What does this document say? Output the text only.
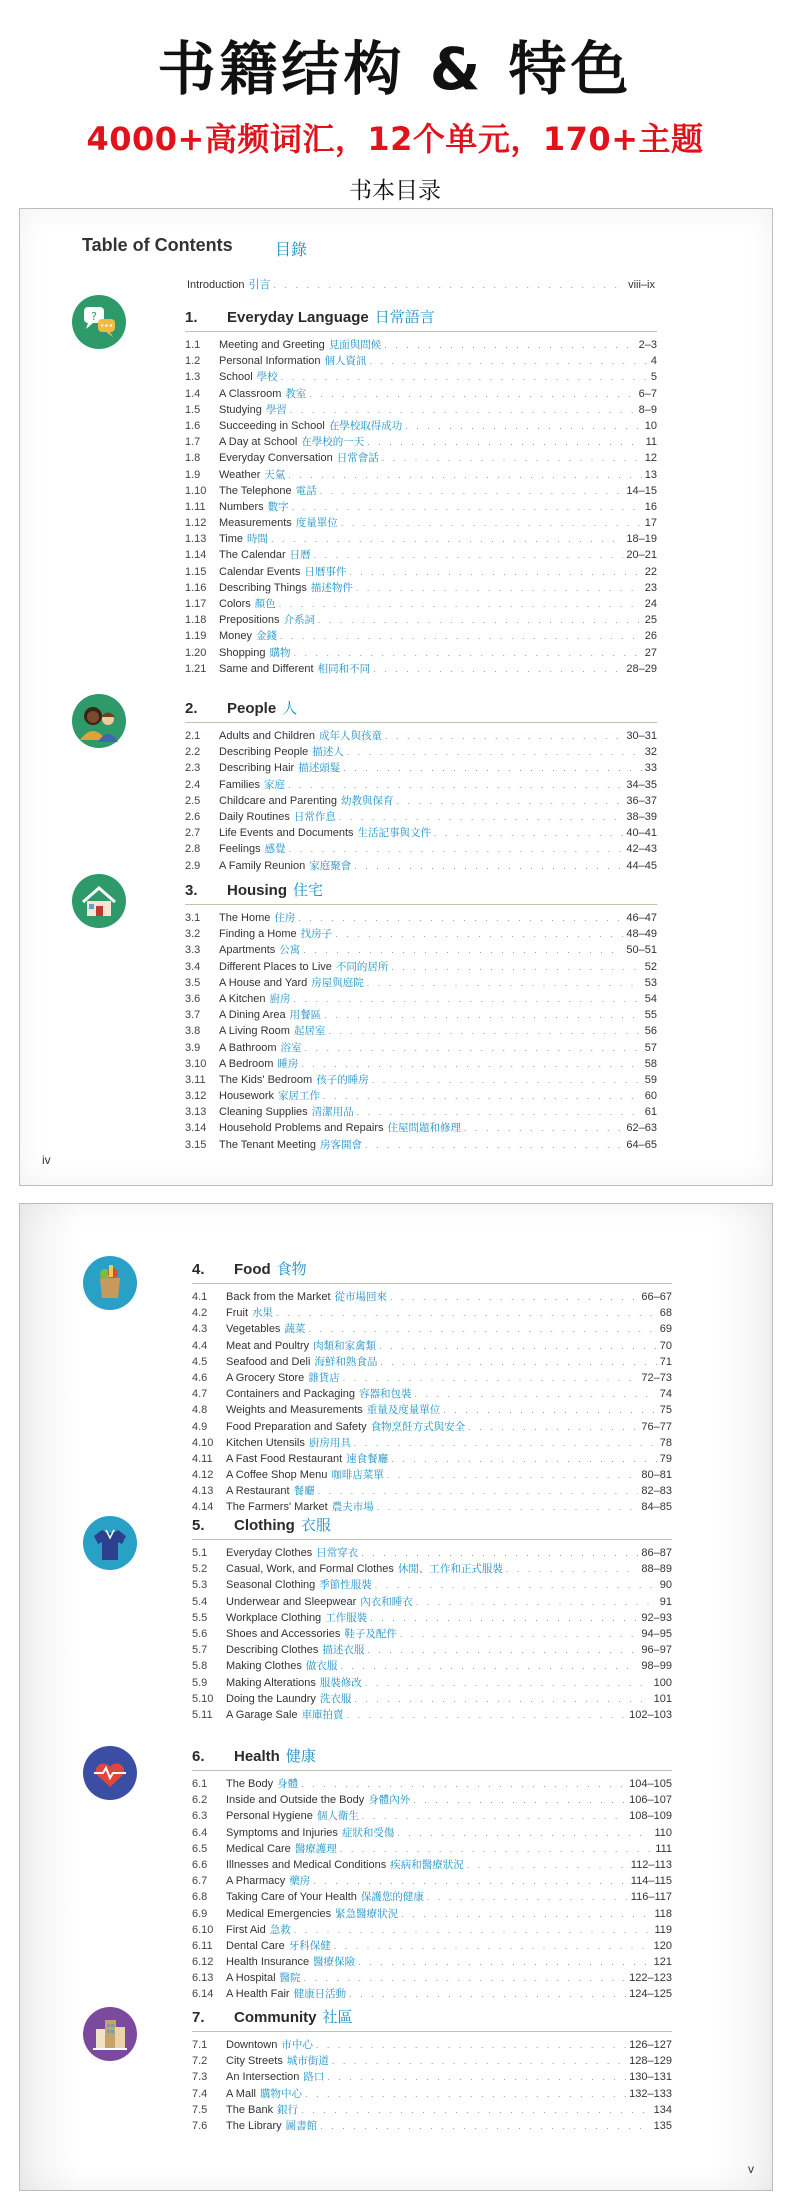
书籍结构 & 特色
4000+高频词汇，12个单元，170+主题
书本目录
Table of Contents	目錄
Introduction 引言 . . .	viii–ix
?	1.	Everyday Language 日常語言
1.1	Meeting and Greeting 見面與問候 . . .	2–3
1.2	Personal Information 個人資訊 . . .	4
1.3	School 學校 . . .	5
1.4	A Classroom 教室 . . .	6–7
1.5	Studying 學習 . . .	8–9
1.6	Succeeding in School 在學校取得成功 . . .	10
1.7	A Day at School 在學校的一天 . . .	11
1.8	Everyday Conversation 日常會話 . . .	12
1.9	Weather 天氣 . . .	13
1.10	The Telephone 電話 . . .	14–15
1.11	Numbers 數字 . . .	16
1.12	Measurements 度量單位 . . .	17
1.13	Time 時間 . . .	18–19
1.14	The Calendar 日曆 . . .	20–21
1.15	Calendar Events 日曆事件 . . .	22
1.16	Describing Things 描述物件 . . .	23
1.17	Colors 顏色 . . .	24
1.18	Prepositions 介系詞 . . .	25
1.19	Money 金錢 . . .	26
1.20	Shopping 購物 . . .	27
1.21	Same and Different 相同和不同 . . .	28–29
2.	People 人
2.1	Adults and Children 成年人與孩童 . . .	30–31
2.2	Describing People 描述人 . . .	32
2.3	Describing Hair 描述頭髮 . . .	33
2.4	Families 家庭 . . .	34–35
2.5	Childcare and Parenting 幼教與保育 . . .	36–37
2.6	Daily Routines 日常作息 . . .	38–39
2.7	Life Events and Documents 生活記事與文件 . . .	40–41
2.8	Feelings 感覺 . . .	42–43
2.9	A Family Reunion 家庭聚會 . . .	44–45
3.	Housing 住宅
3.1	The Home 住房 . . .	46–47
3.2	Finding a Home 找房子 . . .	48–49
3.3	Apartments 公寓 . . .	50–51
3.4	Different Places to Live 不同的居所 . . .	52
3.5	A House and Yard 房屋與庭院 . . .	53
3.6	A Kitchen 廚房 . . .	54
3.7	A Dining Area 用餐區 . . .	55
3.8	A Living Room 起居室 . . .	56
3.9	A Bathroom 浴室 . . .	57
3.10	A Bedroom 睡房 . . .	58
3.11	The Kids' Bedroom 孩子的睡房 . . .	59
3.12	Housework 家居工作 . . .	60
3.13	Cleaning Supplies 清潔用品 . . .	61
3.14	Household Problems and Repairs 住屋問題和修理 . . .	62–63
3.15	The Tenant Meeting 房客開會 . . .	64–65
iv
4.	Food 食物
4.1	Back from the Market 從市場回來 . . .	66–67
4.2	Fruit 水果 . . .	68
4.3	Vegetables 蔬菜 . . .	69
4.4	Meat and Poultry 肉類和家禽類 . . .	70
4.5	Seafood and Deli 海鮮和熟食品 . . .	71
4.6	A Grocery Store 雜貨店 . . .	72–73
4.7	Containers and Packaging 容器和包裝 . . .	74
4.8	Weights and Measurements 重量及度量單位 . . .	75
4.9	Food Preparation and Safety 食物烹飪方式與安全 . . .	76–77
4.10	Kitchen Utensils 廚房用具 . . .	78
4.11	A Fast Food Restaurant 速食餐廳 . . .	79
4.12	A Coffee Shop Menu 咖啡店菜單 . . .	80–81
4.13	A Restaurant 餐廳 . . .	82–83
4.14	The Farmers' Market 農夫市場 . . .	84–85
5.	Clothing 衣服
5.1	Everyday Clothes 日常穿衣 . . .	86–87
5.2	Casual, Work, and Formal Clothes 休閒、工作和正式服裝 . . .	88–89
5.3	Seasonal Clothing 季節性服裝 . . .	90
5.4	Underwear and Sleepwear 內衣和睡衣 . . .	91
5.5	Workplace Clothing 工作服裝 . . .	92–93
5.6	Shoes and Accessories 鞋子及配件 . . .	94–95
5.7	Describing Clothes 描述衣服 . . .	96–97
5.8	Making Clothes 做衣服 . . .	98–99
5.9	Making Alterations 服裝修改 . . .	100
5.10	Doing the Laundry 洗衣服 . . .	101
5.11	A Garage Sale 車庫拍賣 . . .	102–103
6.	Health 健康
6.1	The Body 身體 . . .	104–105
6.2	Inside and Outside the Body 身體內外 . . .	106–107
6.3	Personal Hygiene 個人衛生 . . .	108–109
6.4	Symptoms and Injuries 症狀和受傷 . . .	110
6.5	Medical Care 醫療護理 . . .	111
6.6	Illnesses and Medical Conditions 疾病和醫療狀況 . . .	112–113
6.7	A Pharmacy 藥房 . . .	114–115
6.8	Taking Care of Your Health 保護您的健康 . . .	116–117
6.9	Medical Emergencies 緊急醫療狀況 . . .	118
6.10	First Aid 急救 . . .	119
6.11	Dental Care 牙科保健 . . .	120
6.12	Health Insurance 醫療保險 . . .	121
6.13	A Hospital 醫院 . . .	122–123
6.14	A Health Fair 健康日活動 . . .	124–125
7.	Community 社區
7.1	Downtown 市中心 . . .	126–127
7.2	City Streets 城市街道 . . .	128–129
7.3	An Intersection 路口 . . .	130–131
7.4	A Mall 購物中心 . . .	132–133
7.5	The Bank 銀行 . . .	134
7.6	The Library 圖書館 . . .	135
v
